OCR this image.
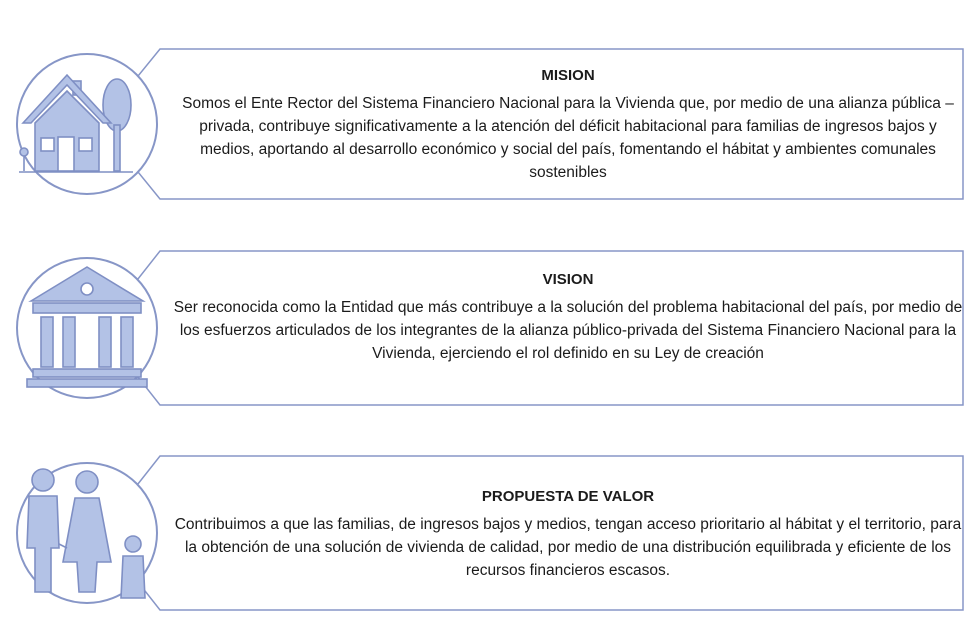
MISION
Somos el Ente Rector del Sistema Financiero Nacional para la Vivienda que, por medio de una alianza pública – privada, contribuye significativamente a la atención del déficit habitacional para familias de ingresos bajos y medios, aportando al desarrollo económico y social del país, fomentando el hábitat y ambientes comunales sostenibles
VISION
Ser reconocida como la Entidad que más contribuye a la solución del problema habitacional del país, por medio de los esfuerzos articulados de los integrantes de la alianza público-privada del Sistema Financiero Nacional para la Vivienda, ejerciendo el rol definido en su Ley de creación
PROPUESTA DE VALOR
Contribuimos a que las familias, de ingresos bajos y medios, tengan acceso prioritario al hábitat y el territorio, para la obtención de una solución de vivienda de calidad, por medio de una distribución equilibrada y eficiente de los recursos financieros escasos.
